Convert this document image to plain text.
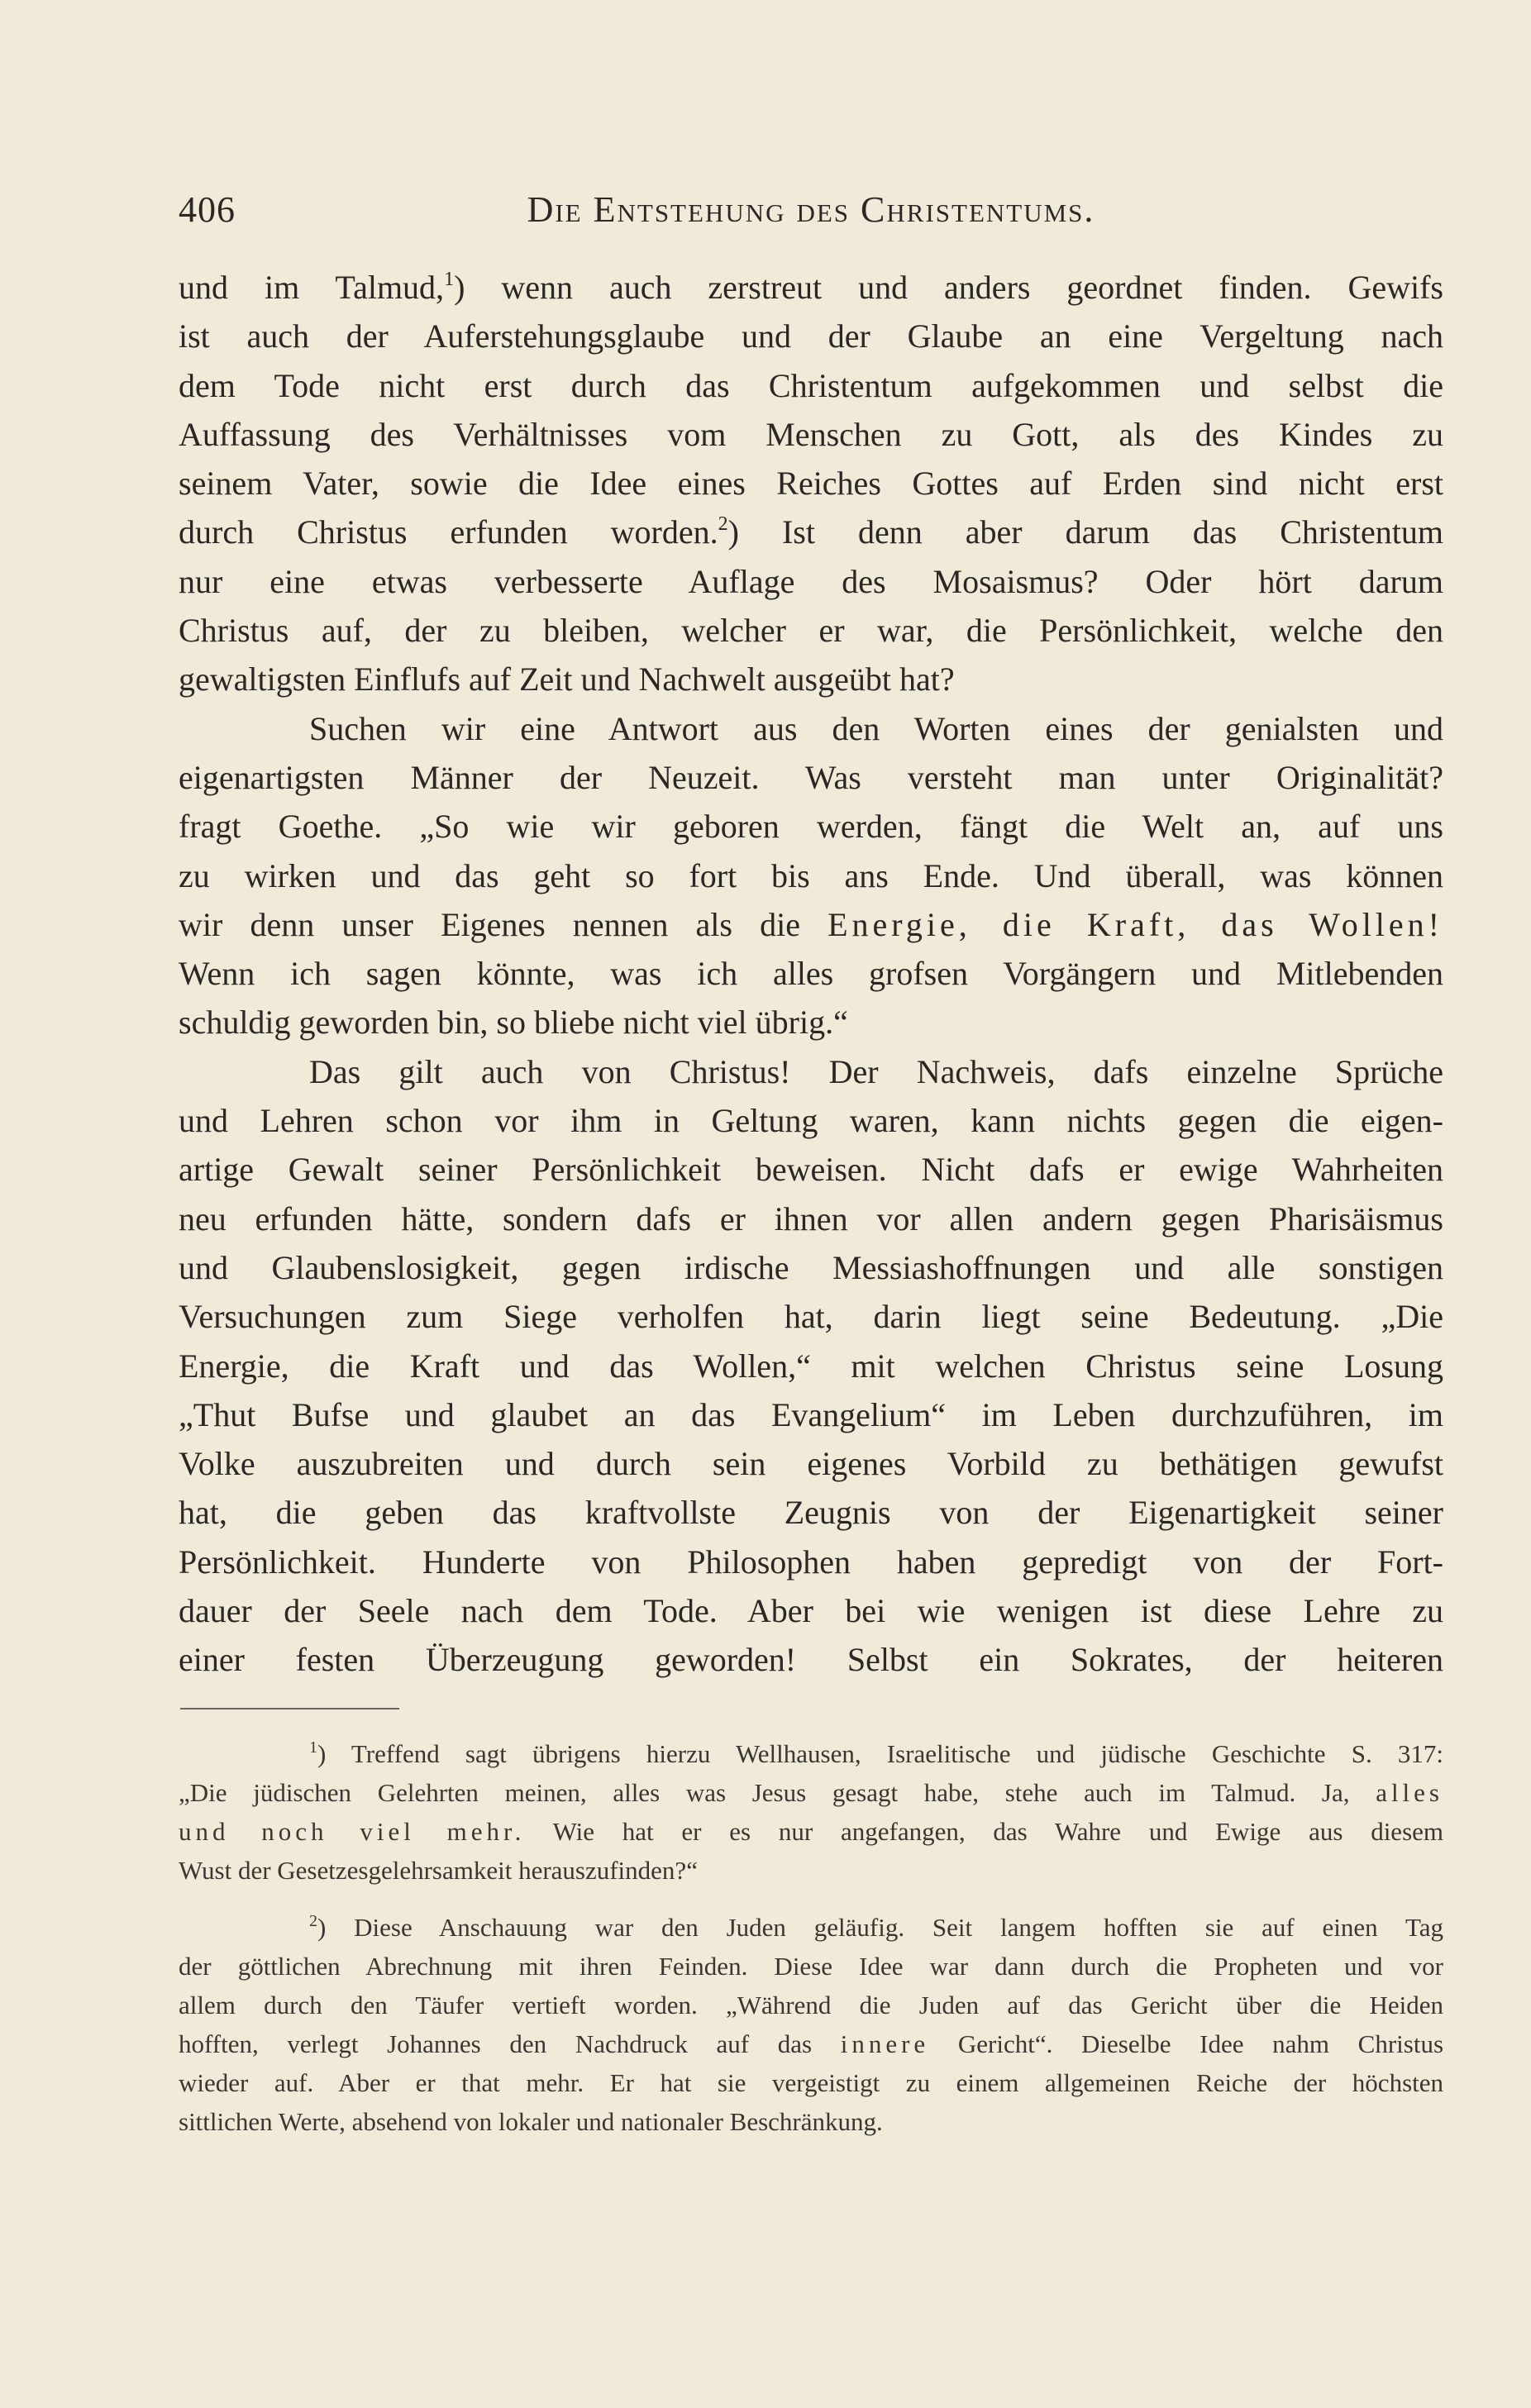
406	Die Entstehung des Christentums.
und im Talmud,$^1$) wenn auch zerstreut und anders geordnet finden. Gewifs
ist auch der Auferstehungsglaube und der Glaube an eine Vergeltung nach
dem Tode nicht erst durch das Christentum aufgekommen und selbst die
Auffassung des Verhältnisses vom Menschen zu Gott, als des Kindes zu
seinem Vater, sowie die Idee eines Reiches Gottes auf Erden sind nicht erst
durch Christus erfunden worden.$^2$) Ist denn aber darum das Christentum
nur eine etwas verbesserte Auflage des Mosaismus? Oder hört darum
Christus auf, der zu bleiben, welcher er war, die Persönlichkeit, welche den
gewaltigsten Einflufs auf Zeit und Nachwelt ausgeübt hat?
Suchen wir eine Antwort aus den Worten eines der genialsten und
eigenartigsten Männer der Neuzeit. Was versteht man unter Originalität?
fragt Goethe. „So wie wir geboren werden, fängt die Welt an, auf uns
zu wirken und das geht so fort bis ans Ende. Und überall, was können
wir denn unser Eigenes nennen als die Energie, die Kraft, das Wollen!
Wenn ich sagen könnte, was ich alles grofsen Vorgängern und Mitlebenden
schuldig geworden bin, so bliebe nicht viel übrig.“
Das gilt auch von Christus! Der Nachweis, dafs einzelne Sprüche
und Lehren schon vor ihm in Geltung waren, kann nichts gegen die eigen-
artige Gewalt seiner Persönlichkeit beweisen. Nicht dafs er ewige Wahrheiten
neu erfunden hätte, sondern dafs er ihnen vor allen andern gegen Pharisäismus
und Glaubenslosigkeit, gegen irdische Messiashoffnungen und alle sonstigen
Versuchungen zum Siege verholfen hat, darin liegt seine Bedeutung. „Die
Energie, die Kraft und das Wollen,“ mit welchen Christus seine Losung
„Thut Bufse und glaubet an das Evangelium“ im Leben durchzuführen, im
Volke auszubreiten und durch sein eigenes Vorbild zu bethätigen gewufst
hat, die geben das kraftvollste Zeugnis von der Eigenartigkeit seiner
Persönlichkeit. Hunderte von Philosophen haben gepredigt von der Fort-
dauer der Seele nach dem Tode. Aber bei wie wenigen ist diese Lehre zu
einer festen Überzeugung geworden! Selbst ein Sokrates, der heiteren
$^1$) Treffend sagt übrigens hierzu Wellhausen, Israelitische und jüdische Geschichte S. 317:
„Die jüdischen Gelehrten meinen, alles was Jesus gesagt habe, stehe auch im Talmud. Ja, alles
und noch viel mehr. Wie hat er es nur angefangen, das Wahre und Ewige aus diesem
Wust der Gesetzesgelehrsamkeit herauszufinden?“
$^2$) Diese Anschauung war den Juden geläufig. Seit langem hofften sie auf einen Tag
der göttlichen Abrechnung mit ihren Feinden. Diese Idee war dann durch die Propheten und vor
allem durch den Täufer vertieft worden. „Während die Juden auf das Gericht über die Heiden
hofften, verlegt Johannes den Nachdruck auf das innere Gericht“. Dieselbe Idee nahm Christus
wieder auf. Aber er that mehr. Er hat sie vergeistigt zu einem allgemeinen Reiche der höchsten
sittlichen Werte, absehend von lokaler und nationaler Beschränkung.
